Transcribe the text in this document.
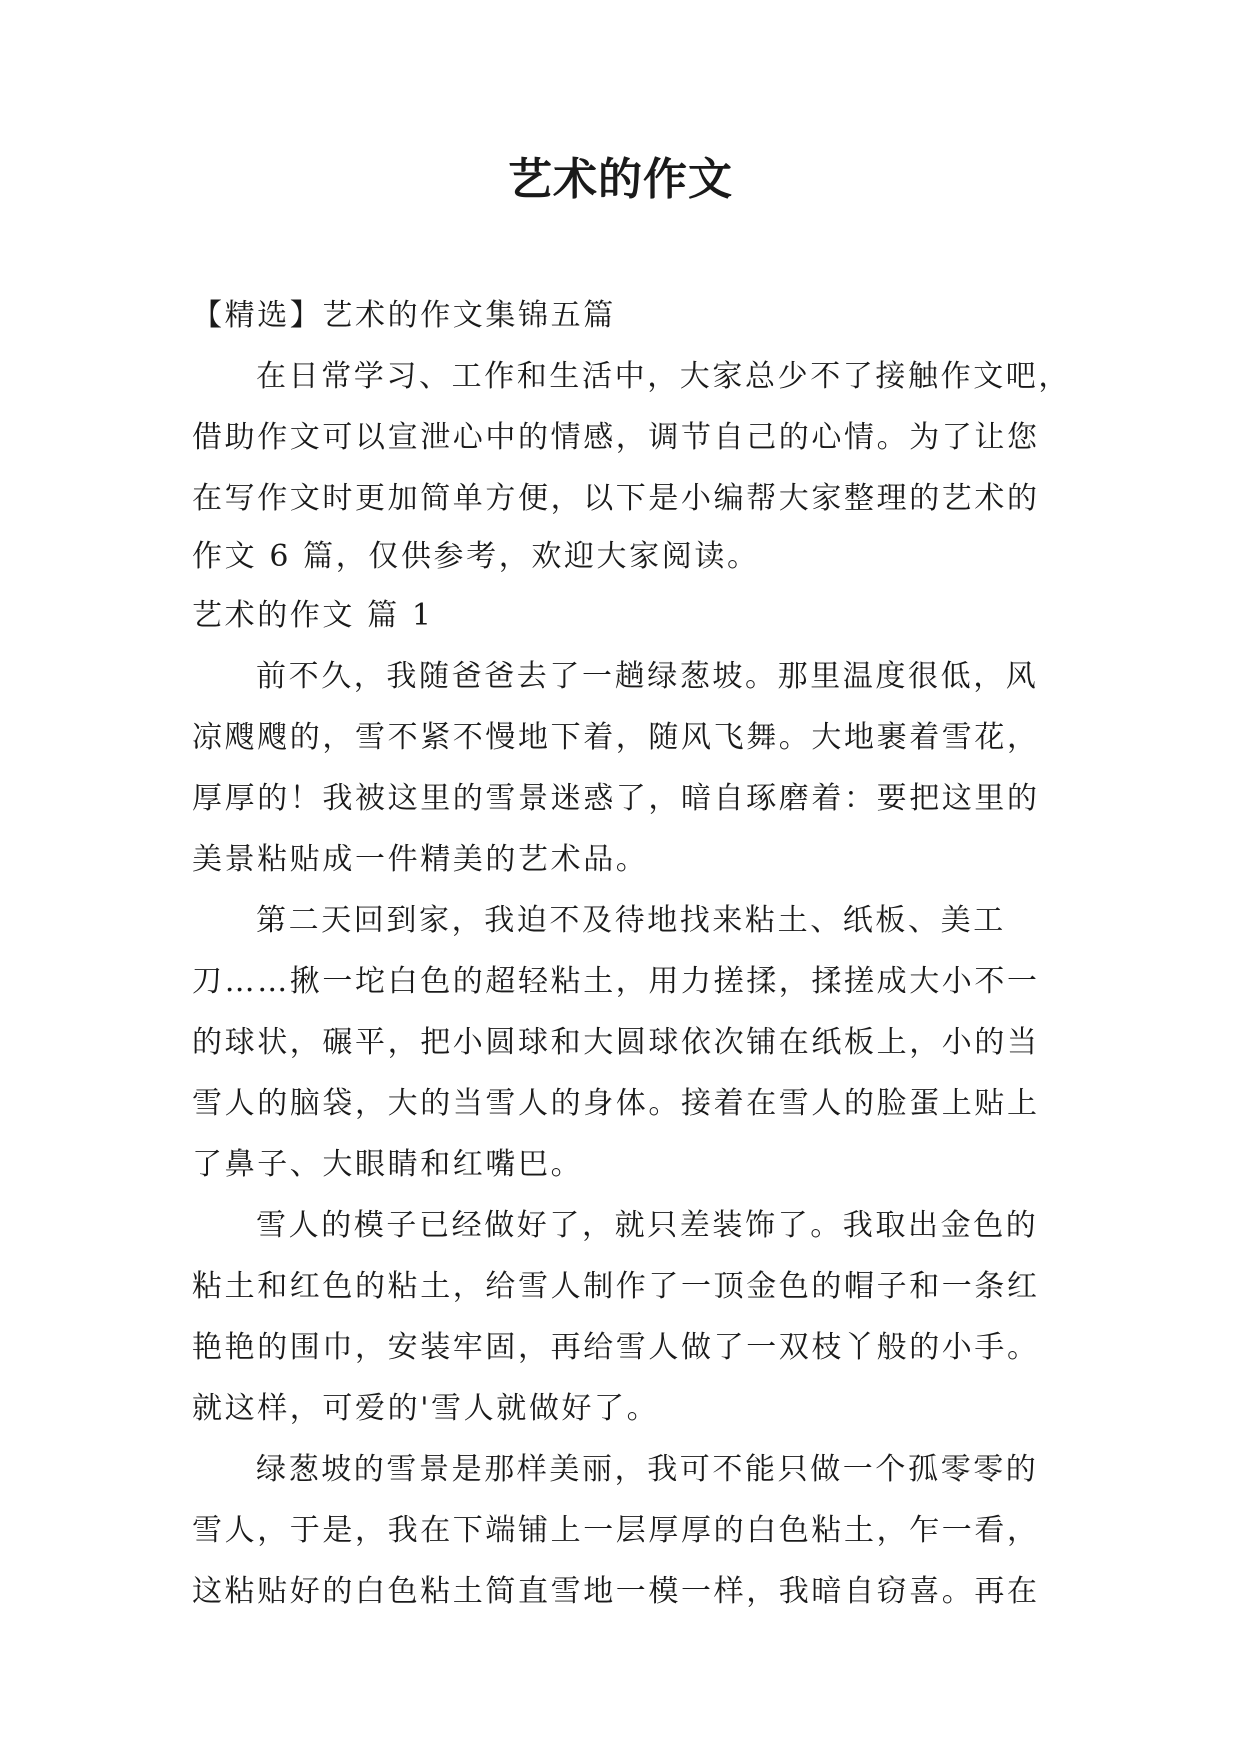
艺术的作文
【精选】艺术的作文集锦五篇
在日常学习、工作和生活中，大家总少不了接触作文吧，
借助作文可以宣泄心中的情感，调节自己的心情。为了让您
在写作文时更加简单方便，以下是小编帮大家整理的艺术的
作文 6 篇，仅供参考，欢迎大家阅读。
艺术的作文 篇 1
前不久，我随爸爸去了一趟绿葱坡。那里温度很低，风
凉飕飕的，雪不紧不慢地下着，随风飞舞。大地裹着雪花，
厚厚的！我被这里的雪景迷惑了，暗自琢磨着：要把这里的
美景粘贴成一件精美的艺术品。
第二天回到家，我迫不及待地找来粘土、纸板、美工
刀……揪一坨白色的超轻粘土，用力搓揉，揉搓成大小不一
的球状，碾平，把小圆球和大圆球依次铺在纸板上，小的当
雪人的脑袋，大的当雪人的身体。接着在雪人的脸蛋上贴上
了鼻子、大眼睛和红嘴巴。
雪人的模子已经做好了，就只差装饰了。我取出金色的
粘土和红色的粘土，给雪人制作了一顶金色的帽子和一条红
艳艳的围巾，安装牢固，再给雪人做了一双枝丫般的小手。
就这样，可爱的'雪人就做好了。
绿葱坡的雪景是那样美丽，我可不能只做一个孤零零的
雪人，于是，我在下端铺上一层厚厚的白色粘土，乍一看，
这粘贴好的白色粘土简直雪地一模一样，我暗自窃喜。再在
